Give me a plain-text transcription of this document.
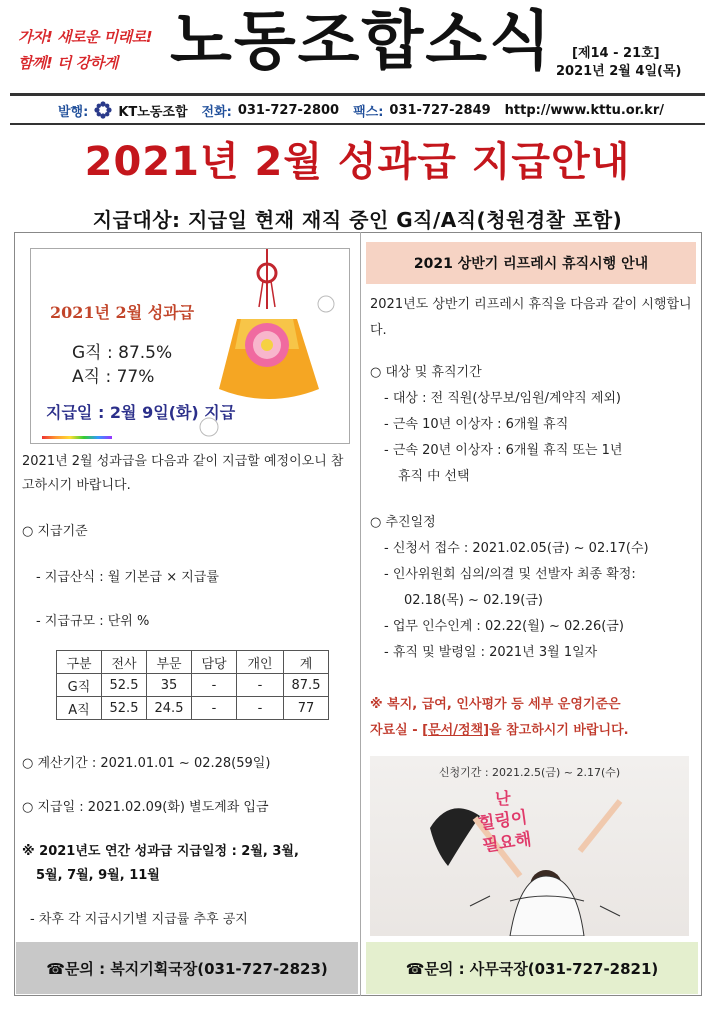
가자! 새로운 미래로!
함께! 더 강하게 노동조합소식 [제14 - 21호]
2021년 2월 4일(목)
발행: KT노동조합 전화: 031-727-2800 팩스: 031-727-2849 http://www.kttu.or.kr/
2021년 2월 성과급 지급안내
지급대상: 지급일 현재 재직 중인 G직/A직(청원경찰 포함)
2021년 2월 성과급
G직 : 87.5%
A직 : 77%
지급일 : 2월 9일(화) 지급
2021년 2월 성과급을 다음과 같이 지급할 예정이오니 참고하시기 바랍니다.
○ 지급기준
- 지급산식 : 월 기본급 × 지급률
- 지급규모 : 단위 %
구분	전사	부문	담당	개인	계
G직	52.5	35	-	-	87.5
A직	52.5	24.5	-	-	77
○ 계산기간 : 2021.01.01 ~ 02.28(59일)
○ 지급일 : 2021.02.09(화) 별도계좌 입금
※ 2021년도 연간 성과급 지급일정 : 2월, 3월,
5월, 7월, 9월, 11월
- 차후 각 지급시기별 지급률 추후 공지
☎문의 : 복지기획국장(031-727-2823)
2021 상반기 리프레시 휴직시행 안내
2021년도 상반기 리프레시 휴직을 다음과 같이 시행합니다.
○ 대상 및 휴직기간
- 대상 : 전 직원(상무보/임원/계약직 제외)
- 근속 10년 이상자 : 6개월 휴직
- 근속 20년 이상자 : 6개월 휴직 또는 1년
휴직 中 선택
○ 추진일정
- 신청서 접수 : 2021.02.05(금) ~ 02.17(수)
- 인사위원회 심의/의결 및 선발자 최종 확정:
02.18(목) ~ 02.19(금)
- 업무 인수인계 : 02.22(월) ~ 02.26(금)
- 휴직 및 발령일 : 2021년 3월 1일자
※ 복지, 급여, 인사평가 등 세부 운영기준은
자료실 - [문서/정책]을 참고하시기 바랍니다.
신청기간 : 2021.2.5(금) ~ 2.17(수)
난
힐링이
필요해
☎문의 : 사무국장(031-727-2821)
